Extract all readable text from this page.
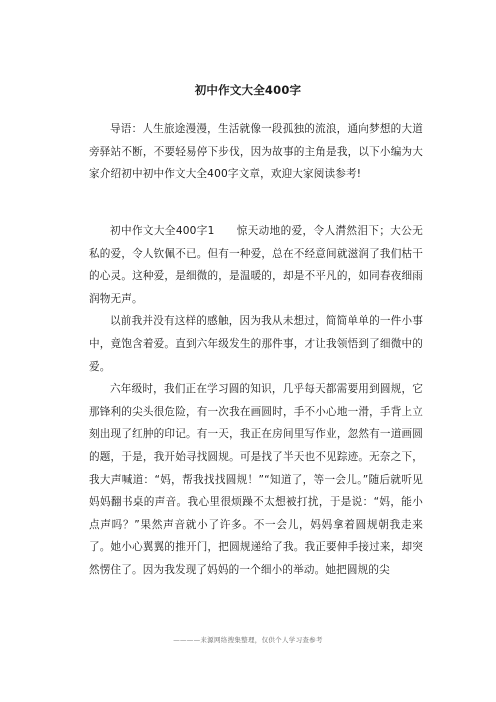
初中作文大全400字

导语：人生旅途漫漫，生活就像一段孤独的流浪，通向梦想的大道旁驿站不断，不要轻易停下步伐，因为故事的主角是我，以下小编为大家介绍初中初中作文大全400字文章，欢迎大家阅读参考!

初中作文大全400字1　　惊天动地的爱，令人潸然泪下；大公无私的爱，令人钦佩不已。但有一种爱，总在不经意间就滋润了我们枯干的心灵。这种爱，是细微的，是温暖的，却是不平凡的，如同春夜细雨润物无声。

以前我并没有这样的感触，因为我从未想过，简简单单的一件小事中，竟饱含着爱。直到六年级发生的那件事，才让我领悟到了细微中的爱。

六年级时，我们正在学习圆的知识，几乎每天都需要用到圆规，它那锋利的尖头很危险，有一次我在画圆时，手不小心地一滑，手背上立刻出现了红肿的印记。有一天，我正在房间里写作业，忽然有一道画圆的题，于是，我开始寻找圆规。可是找了半天也不见踪迹。无奈之下，我大声喊道：“妈，帮我找找圆规！”“知道了，等一会儿。”随后就听见妈妈翻书桌的声音。我心里很烦躁不太想被打扰，于是说：“妈，能小点声吗？”果然声音就小了许多。不一会儿，妈妈拿着圆规朝我走来了。她小心翼翼的推开门，把圆规递给了我。我正要伸手接过来，却突然愣住了。因为我发现了妈妈的一个细小的举动。她把圆规的尖

————来源网络搜集整理，仅供个人学习查参考
